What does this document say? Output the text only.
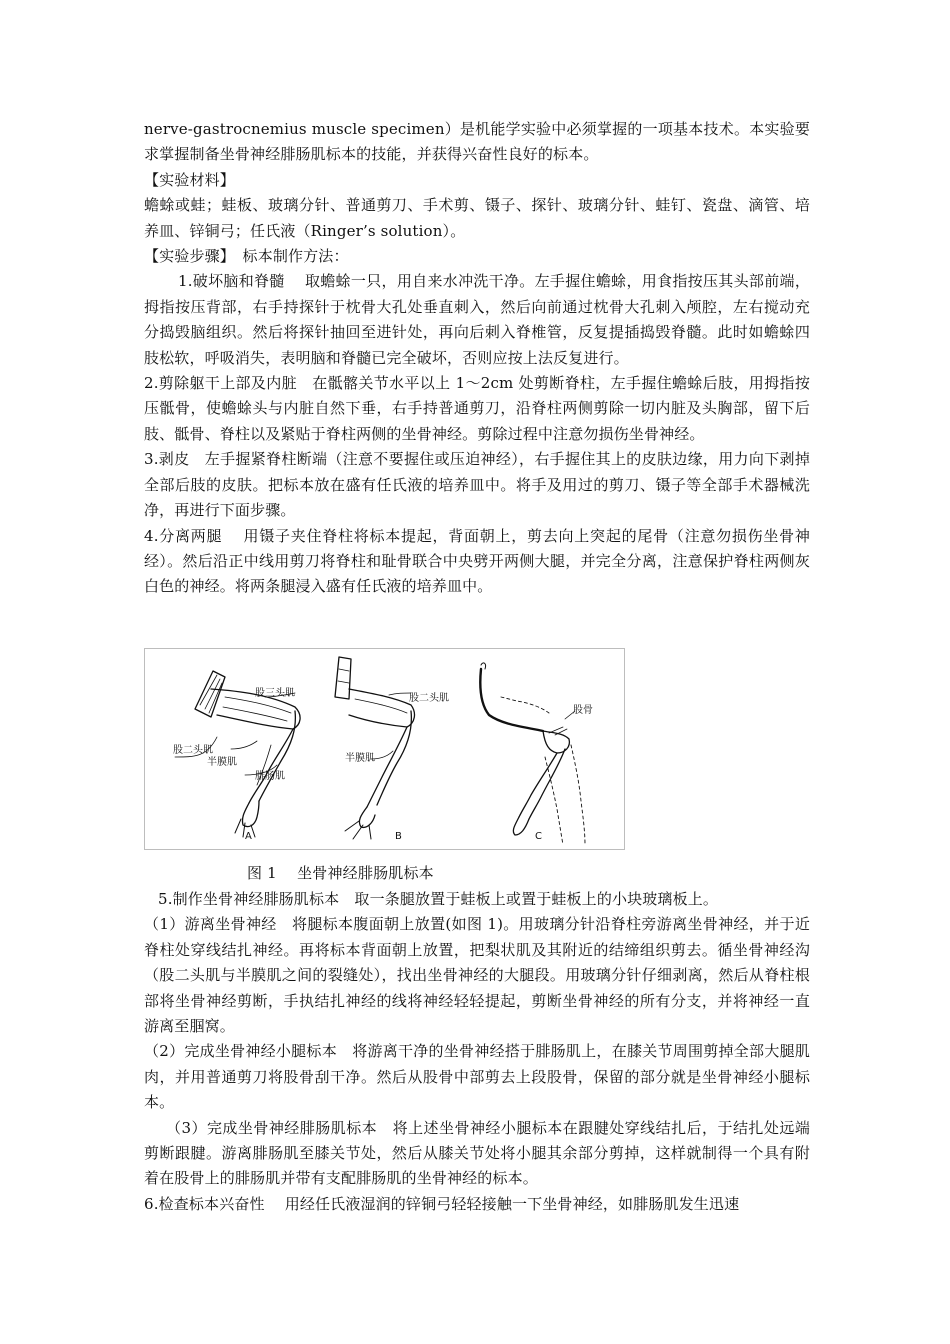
nerve-gastrocnemius muscle specimen）是机能学实验中必须掌握的一项基本技术。本实验要求掌握制备坐骨神经腓肠肌标本的技能，并获得兴奋性良好的标本。

【实验材料】

蟾蜍或蛙；蛙板、玻璃分针、普通剪刀、手术剪、镊子、探针、玻璃分针、蛙钉、瓷盘、滴管、培养皿、锌铜弓；任氏液（Ringer’s solution）。

【实验步骤】　标本制作方法：

1.破坏脑和脊髓　 取蟾蜍一只，用自来水冲洗干净。左手握住蟾蜍，用食指按压其头部前端，拇指按压背部，右手持探针于枕骨大孔处垂直刺入，然后向前通过枕骨大孔刺入颅腔，左右搅动充分捣毁脑组织。然后将探针抽回至进针处，再向后刺入脊椎管，反复提插捣毁脊髓。此时如蟾蜍四肢松软，呼吸消失，表明脑和脊髓已完全破坏，否则应按上法反复进行。

2.剪除躯干上部及内脏　在骶髂关节水平以上 1～2cm 处剪断脊柱，左手握住蟾蜍后肢，用拇指按压骶骨，使蟾蜍头与内脏自然下垂，右手持普通剪刀，沿脊柱两侧剪除一切内脏及头胸部，留下后肢、骶骨、脊柱以及紧贴于脊柱两侧的坐骨神经。剪除过程中注意勿损伤坐骨神经。

3.剥皮　左手握紧脊柱断端（注意不要握住或压迫神经），右手握住其上的皮肤边缘，用力向下剥掉全部后肢的皮肤。把标本放在盛有任氏液的培养皿中。将手及用过的剪刀、镊子等全部手术器械洗净，再进行下面步骤。

4.分离两腿　 用镊子夹住脊柱将标本提起，背面朝上，剪去向上突起的尾骨（注意勿损伤坐骨神经）。然后沿正中线用剪刀将脊柱和耻骨联合中央劈开两侧大腿，并完全分离，注意保护脊柱两侧灰白色的神经。将两条腿浸入盛有任氏液的培养皿中。

股三头肌
股二头肌
半膜肌
腓肠肌
股二头肌
半膜肌
股骨
A	B	C
图 1　 坐骨神经腓肠肌标本

5.制作坐骨神经腓肠肌标本　取一条腿放置于蛙板上或置于蛙板上的小块玻璃板上。

（1）游离坐骨神经　将腿标本腹面朝上放置(如图 1)。用玻璃分针沿脊柱旁游离坐骨神经，并于近脊柱处穿线结扎神经。再将标本背面朝上放置，把梨状肌及其附近的结缔组织剪去。循坐骨神经沟（股二头肌与半膜肌之间的裂缝处），找出坐骨神经的大腿段。用玻璃分针仔细剥离，然后从脊柱根部将坐骨神经剪断，手执结扎神经的线将神经轻轻提起，剪断坐骨神经的所有分支，并将神经一直游离至腘窝。

（2）完成坐骨神经小腿标本　将游离干净的坐骨神经搭于腓肠肌上，在膝关节周围剪掉全部大腿肌肉，并用普通剪刀将股骨刮干净。然后从股骨中部剪去上段股骨，保留的部分就是坐骨神经小腿标本。

（3）完成坐骨神经腓肠肌标本　将上述坐骨神经小腿标本在跟腱处穿线结扎后，于结扎处远端剪断跟腱。游离腓肠肌至膝关节处，然后从膝关节处将小腿其余部分剪掉，这样就制得一个具有附着在股骨上的腓肠肌并带有支配腓肠肌的坐骨神经的标本。

6.检查标本兴奋性　 用经任氏液湿润的锌铜弓轻轻接触一下坐骨神经，如腓肠肌发生迅速
